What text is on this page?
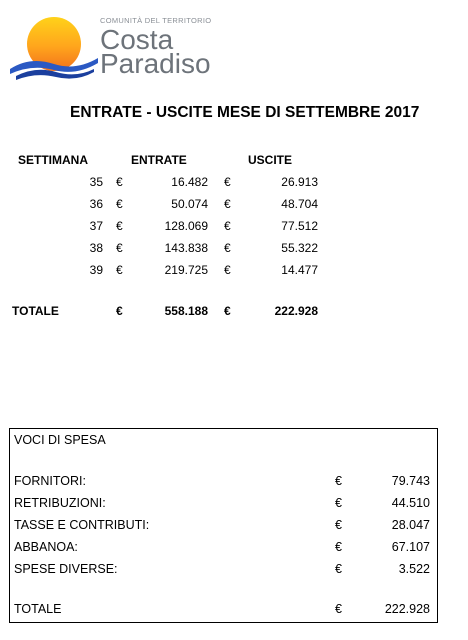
COMUNITÀ DEL TERRITORIO
Costa
Paradiso
ENTRATE - USCITE MESE DI SETTEMBRE 2017
SETTIMANA	ENTRATE	USCITE
35 €	16.482 €	26.913
36 €	50.074 €	48.704
37 €	128.069 €	77.512
38 €	143.838 €	55.322
39 €	219.725 €	14.477
TOTALE	€	558.188 €	222.928
VOCI DI SPESA
FORNITORI:	€	79.743
RETRIBUZIONI:	€	44.510
TASSE E CONTRIBUTI:	€	28.047
ABBANOA:	€	67.107
SPESE DIVERSE:	€	3.522
TOTALE	€	222.928
